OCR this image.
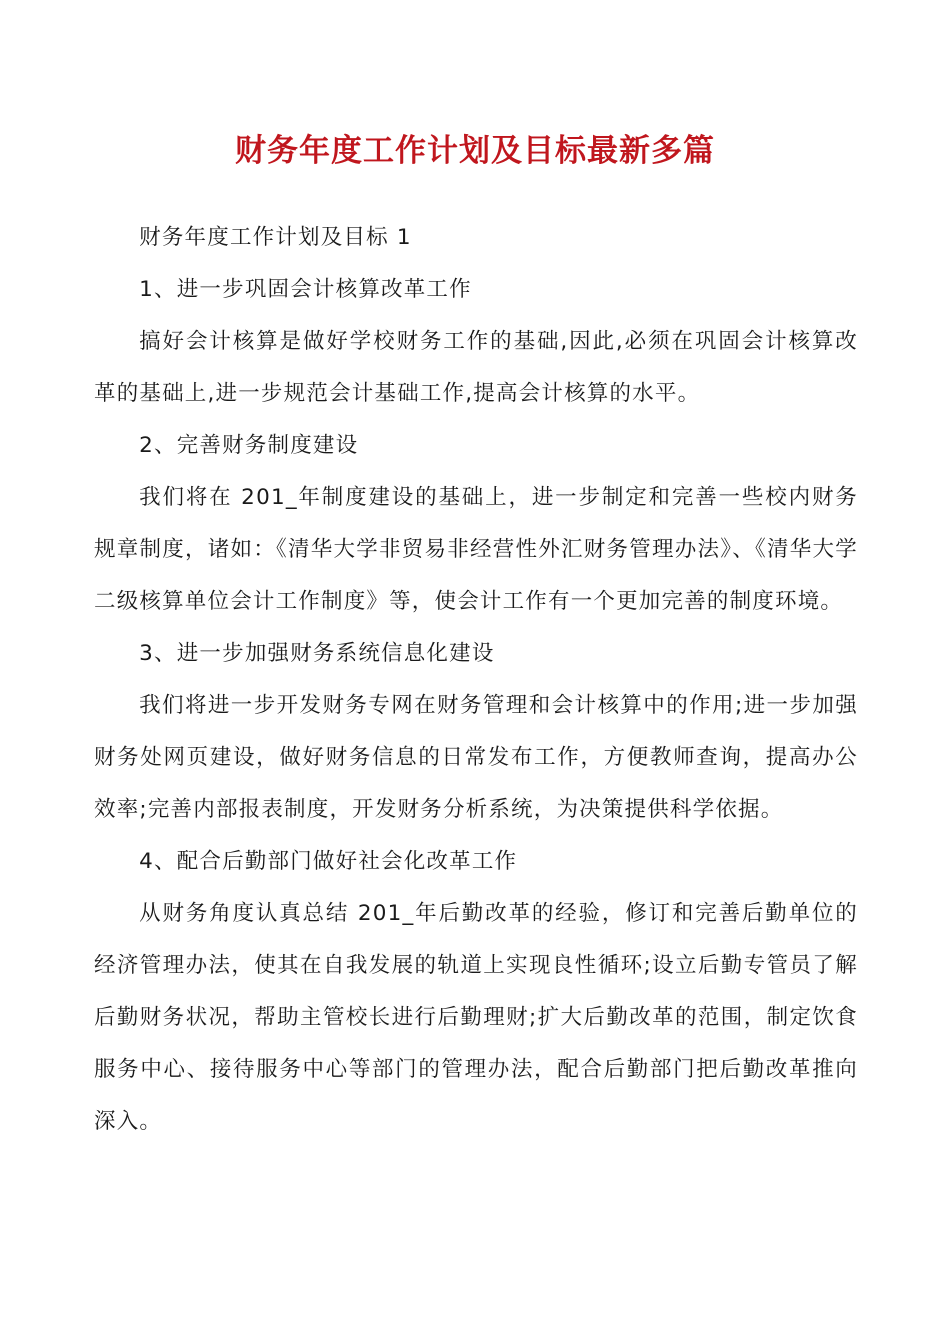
财务年度工作计划及目标最新多篇

财务年度工作计划及目标 1

1、进一步巩固会计核算改革工作

搞好会计核算是做好学校财务工作的基础,因此,必须在巩固会计核算改革的基础上,进一步规范会计基础工作,提高会计核算的水平。

2、完善财务制度建设

我们将在 201_年制度建设的基础上，进一步制定和完善一些校内财务规章制度，诸如：《清华大学非贸易非经营性外汇财务管理办法》、《清华大学二级核算单位会计工作制度》等，使会计工作有一个更加完善的制度环境。

3、进一步加强财务系统信息化建设

我们将进一步开发财务专网在财务管理和会计核算中的作用;进一步加强财务处网页建设，做好财务信息的日常发布工作，方便教师查询，提高办公效率;完善内部报表制度，开发财务分析系统，为决策提供科学依据。

4、配合后勤部门做好社会化改革工作

从财务角度认真总结 201_年后勤改革的经验，修订和完善后勤单位的经济管理办法，使其在自我发展的轨道上实现良性循环;设立后勤专管员了解后勤财务状况，帮助主管校长进行后勤理财;扩大后勤改革的范围，制定饮食服务中心、接待服务中心等部门的管理办法，配合后勤部门把后勤改革推向深入。
